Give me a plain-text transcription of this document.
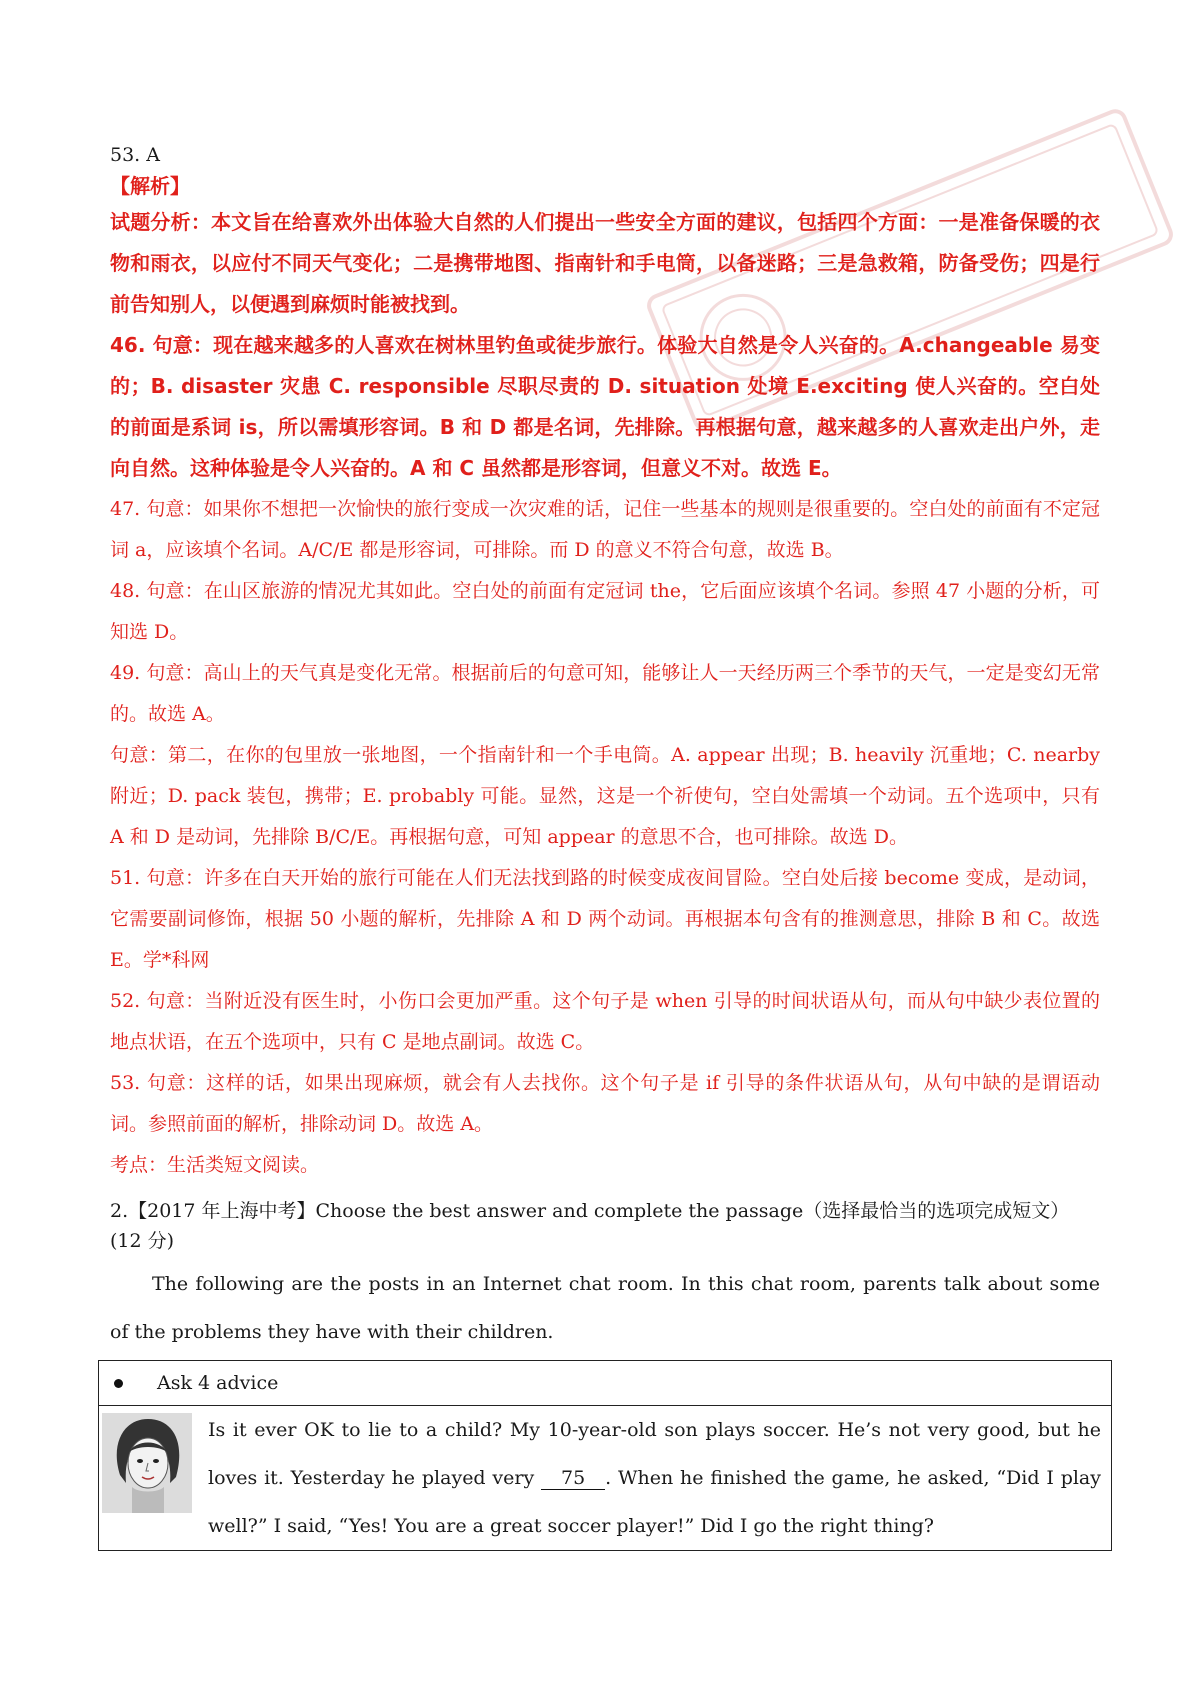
53. A

【解析】

试题分析：本文旨在给喜欢外出体验大自然的人们提出一些安全方面的建议，包括四个方面：一是准备保暖的衣物和雨衣，以应付不同天气变化；二是携带地图、指南针和手电筒，以备迷路；三是急救箱，防备受伤；四是行前告知别人，以便遇到麻烦时能被找到。

46. 句意：现在越来越多的人喜欢在树林里钓鱼或徒步旅行。体验大自然是令人兴奋的。A.changeable 易变的；B. disaster 灾患 C. responsible 尽职尽责的 D. situation 处境 E.exciting 使人兴奋的。空白处的前面是系词 is，所以需填形容词。B 和 D 都是名词，先排除。再根据句意，越来越多的人喜欢走出户外，走向自然。这种体验是令人兴奋的。A 和 C 虽然都是形容词，但意义不对。故选 E。

47. 句意：如果你不想把一次愉快的旅行变成一次灾难的话，记住一些基本的规则是很重要的。空白处的前面有不定冠词 a，应该填个名词。A/C/E 都是形容词，可排除。而 D 的意义不符合句意，故选 B。

48. 句意：在山区旅游的情况尤其如此。空白处的前面有定冠词 the，它后面应该填个名词。参照 47 小题的分析，可知选 D。

49. 句意：高山上的天气真是变化无常。根据前后的句意可知，能够让人一天经历两三个季节的天气，一定是变幻无常的。故选 A。

句意：第二，在你的包里放一张地图，一个指南针和一个手电筒。A. appear 出现；B. heavily 沉重地；C. nearby 附近；D. pack 装包，携带；E. probably 可能。显然，这是一个祈使句，空白处需填一个动词。五个选项中，只有 A 和 D 是动词，先排除 B/C/E。再根据句意，可知 appear 的意思不合，也可排除。故选 D。

51. 句意：许多在白天开始的旅行可能在人们无法找到路的时候变成夜间冒险。空白处后接 become 变成，是动词，它需要副词修饰，根据 50 小题的解析，先排除 A 和 D 两个动词。再根据本句含有的推测意思，排除 B 和 C。故选 E。学*科网

52. 句意：当附近没有医生时，小伤口会更加严重。这个句子是 when 引导的时间状语从句，而从句中缺少表位置的地点状语，在五个选项中，只有 C 是地点副词。故选 C。

53. 句意：这样的话，如果出现麻烦，就会有人去找你。这个句子是 if 引导的条件状语从句，从句中缺的是谓语动词。参照前面的解析，排除动词 D。故选 A。

考点：生活类短文阅读。

2.【2017 年上海中考】Choose the best answer and complete the passage（选择最恰当的选项完成短文）(12 分)

The following are the posts in an Internet chat room. In this chat room, parents talk about some of the problems they have with their children.

Ask 4 advice
Is it ever OK to lie to a child? My 10-year-old son plays soccer. He’s not very good, but he loves it. Yesterday he played very 75 . When he finished the game, he asked, “Did I play well?” I said, “Yes! You are a great soccer player!” Did I go the right thing?
